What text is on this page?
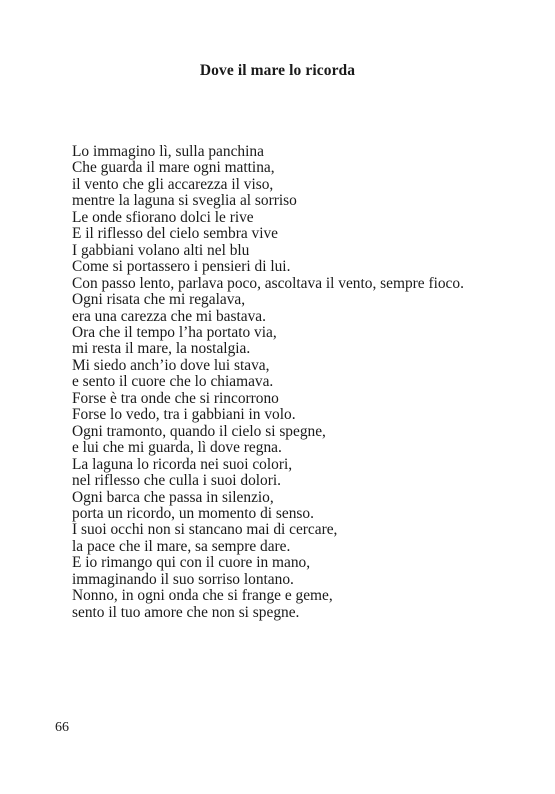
Dove il mare lo ricorda
Lo immagino lì, sulla panchina
Che guarda il mare ogni mattina,
il vento che gli accarezza il viso,
mentre la laguna si sveglia al sorriso
Le onde sfiorano dolci le rive
E il riflesso del cielo sembra vive
I gabbiani volano alti nel blu
Come si portassero i pensieri di lui.
Con passo lento, parlava poco, ascoltava il vento, sempre fioco.
Ogni risata che mi regalava,
era una carezza che mi bastava.
Ora che il tempo l’ha portato via,
mi resta il mare, la nostalgia.
Mi siedo anch’io dove lui stava,
e sento il cuore che lo chiamava.
Forse è tra onde che si rincorrono
Forse lo vedo, tra i gabbiani in volo.
Ogni tramonto, quando il cielo si spegne,
e lui che mi guarda, lì dove regna.
La laguna lo ricorda nei suoi colori,
nel riflesso che culla i suoi dolori.
Ogni barca che passa in silenzio,
porta un ricordo, un momento di senso.
I suoi occhi non si stancano mai di cercare,
la pace che il mare, sa sempre dare.
E io rimango qui con il cuore in mano,
immaginando il suo sorriso lontano.
Nonno, in ogni onda che si frange e geme,
sento il tuo amore che non si spegne.
66
